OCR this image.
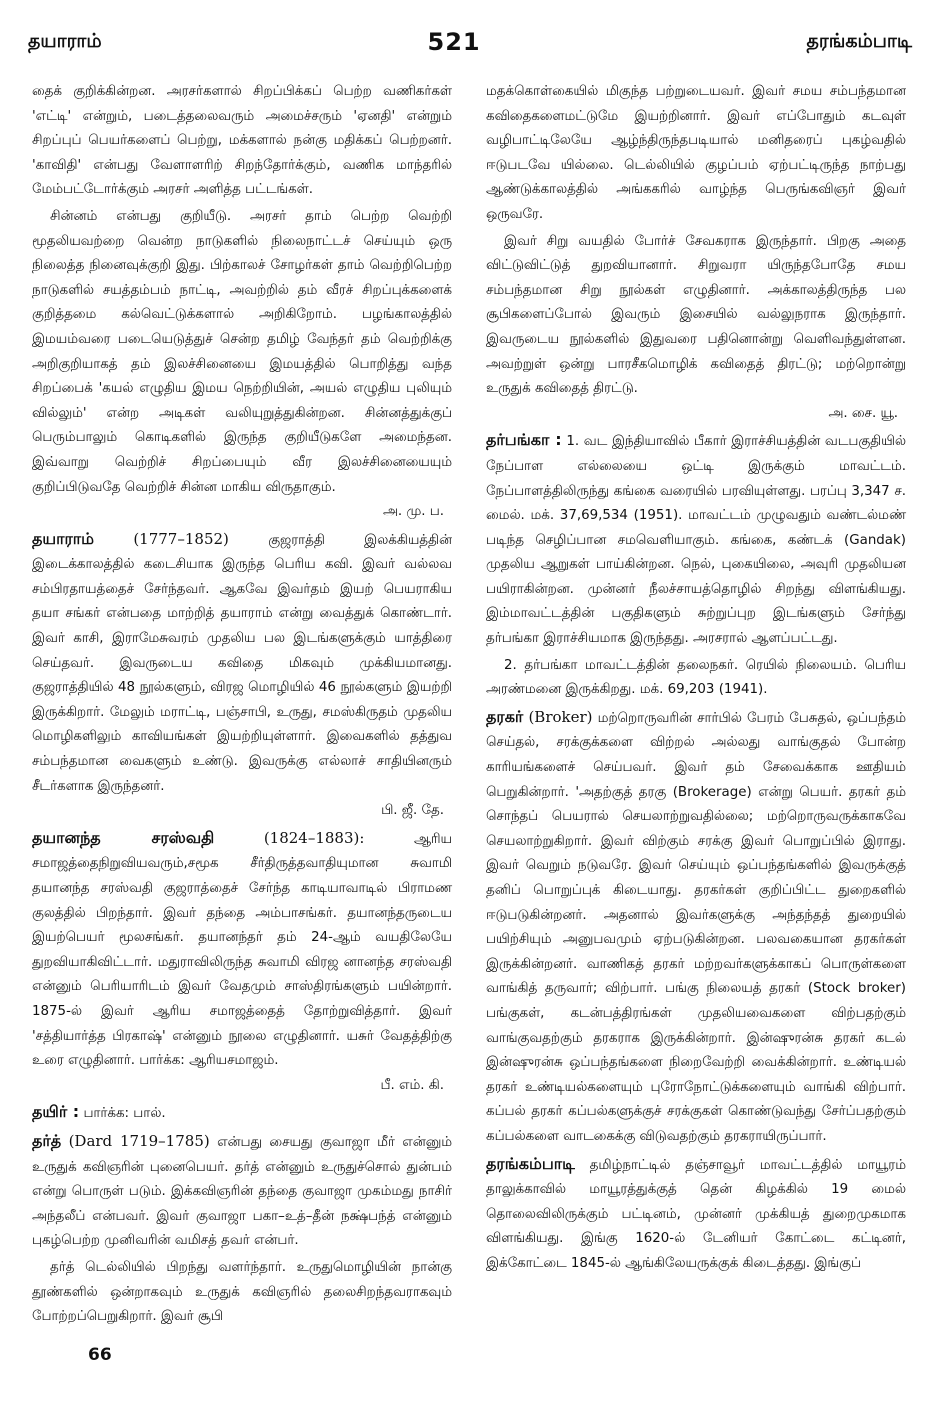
தயாராம்	521	தரங்கம்பாடி

தைக் குறிக்கின்றன. அரசர்களால் சிறப்பிக்கப் பெற்ற வணிகர்கள் 'எட்டி' என்றும், படைத்தலைவரும் அமைச்சரும் 'ஏனதி' என்றும் சிறப்புப் பெயர்களைப் பெற்று, மக்களால் நன்கு மதிக்கப் பெற்றனர். 'காவிதி' என்பது வேளாளரிற் சிறந்தோர்க்கும், வணிக மாந்தரில் மேம்பட்டோர்க்கும் அரசர் அளித்த பட்டங்கள்.

சின்னம் என்பது குறியீடு. அரசர் தாம் பெற்ற வெற்றி மூதலியவற்றை வென்ற நாடுகளில் நிலைநாட்டச் செய்யும் ஒரு நிலைத்த நினைவுக்குறி இது. பிற்காலச் சோழர்கள் தாம் வெற்றிபெற்ற நாடுகளில் சயத்தம்பம் நாட்டி, அவற்றில் தம் வீரச் சிறப்புக்களைக் குறித்தமை கல்வெட்டுக்களால் அறிகிறோம். பழங்காலத்தில் இமயம்வரை படையெடுத்துச் சென்ற தமிழ் வேந்தர் தம் வெற்றிக்கு அறிகுறியாகத் தம் இலச்சினையை இமயத்தில் பொறித்து வந்த சிறப்பைக் 'கயல் எழுதிய இமய நெற்றியின், அயல் எழுதிய புலியும் வில்லும்' என்ற அடிகள் வலியுறுத்துகின்றன. சின்னத்துக்குப் பெரும்பாலும் கொடிகளில் இருந்த குறியீடுகளே அமைந்தன. இவ்வாறு வெற்றிச் சிறப்பையும் வீர இலச்சினையையும் குறிப்பிடுவதே வெற்றிச் சின்ன மாகிய விருதாகும்.
அ. மு. ப.

தயாராம்	(1777–1852)	குஜராத்தி இலக்கியத்தின் இடைக்காலத்தில் கடைசியாக இருந்த பெரிய கவி. இவர் வல்லவ சம்பிரதாயத்தைச் சேர்ந்தவர். ஆகவே இவர்தம் இயற் பெயராகிய தயா சங்கர் என்பதை மாற்றித் தயாராம் என்று வைத்துக் கொண்டார். இவர் காசி, இராமேசுவரம் முதலிய பல இடங்களுக்கும் யாத்திரை செய்தவர். இவருடைய கவிதை மிகவும் முக்கியமானது. குஜராத்தியில் 48 நூல்களும், விரஜ மொழியில் 46 நூல்களும் இயற்றி இருக்கிறார். மேலும் மராட்டி, பஞ்சாபி, உருது, சமஸ்கிருதம் முதலிய மொழிகளிலும் காவியங்கள் இயற்றியுள்ளார். இவைகளில் தத்துவ சம்பந்தமான வைகளும் உண்டு. இவருக்கு எல்லாச் சாதியினரும் சீடர்களாக இருந்தனர்.
பி. ஜீ. தே.

தயானந்த சரஸ்வதி	(1824–1883):	ஆரிய சமாஜத்தைநிறுவியவரும்,சமூக சீர்திருத்தவாதியுமான சுவாமி தயானந்த சரஸ்வதி குஜராத்தைச் சேர்ந்த காடியாவாடில் பிராமண குலத்தில் பிறந்தார். இவர் தந்தை அம்பாசங்கர். தயானந்தருடைய இயற்பெயர் மூலசங்கர். தயானந்தர் தம் 24-ஆம் வயதிலேயே துறவியாகிவிட்டார். மதுராவிலிருந்த சுவாமி விரஜ னானந்த சரஸ்வதி என்னும் பெரியாரிடம் இவர் வேதமும் சாஸ்திரங்களும் பயின்றார். 1875-ல் இவர் ஆரிய சமாஜத்தைத் தோற்றுவித்தார். இவர் 'சத்தியார்த்த பிரகாஷ்' என்னும் நூலை எழுதினார். யசுர் வேதத்திற்கு உரை எழுதினார். பார்க்க: ஆரியசமாஜம்.
பீ. எம். கி.

தயிர் : பார்க்க: பால்.

தர்த் (Dard 1719–1785) என்பது சையது குவாஜா மீர் என்னும் உருதுக் கவிஞரின் புனைபெயர். தர்த் என்னும் உருதுச்சொல் துன்பம் என்று பொருள் படும். இக்கவிஞரின் தந்தை குவாஜா முகம்மது நாசிர் அந்தலீப் என்பவர். இவர் குவாஜா பகா–உத்–தீன் நக்ஷ்பந்த் என்னும் புகழ்பெற்ற முனிவரின் வமிசத் தவர் என்பர்.

தர்த் டெல்லியில் பிறந்து வளர்ந்தார். உருதுமொழியின் நான்கு தூண்களில் ஒன்றாகவும் உருதுக் கவிஞரில் தலைசிறந்தவராகவும் போற்றப்பெறுகிறார். இவர் சூபி

மதக்கொள்கையில் மிகுந்த பற்றுடையவர். இவர் சமய சம்பந்தமான கவிதைகளைமட்டுமே இயற்றினார். இவர் எப்போதும் கடவுள் வழிபாட்டிலேயே ஆழ்ந்திருந்தபடியால் மனிதரைப் புகழ்வதில் ஈடுபடவே யில்லை. டெல்லியில் குழப்பம் ஏற்பட்டிருந்த நாற்பது ஆண்டுக்காலத்தில் அங்ககரில் வாழ்ந்த பெருங்கவிஞர் இவர் ஒருவரே.

இவர் சிறு வயதில் போர்ச் சேவகராக இருந்தார். பிறகு அதை விட்டுவிட்டுத் துறவியானார். சிறுவரா யிருந்தபோதே சமய சம்பந்தமான சிறு நூல்கள் எழுதினார். அக்காலத்திருந்த பல சூபிகளைப்போல் இவரும் இசையில் வல்லுநராக இருந்தார். இவருடைய நூல்களில் இதுவரை பதினொன்று வெளிவந்துள்ளன. அவற்றுள் ஒன்று பாரசீகமொழிக் கவிதைத் திரட்டு; மற்றொன்று உருதுக் கவிதைத் திரட்டு.
அ. சை. யூ.

தர்பங்கா : 1. வட இந்தியாவில் பீகார் இராச்சியத்தின் வடபகுதியில் நேப்பாள எல்லையை ஒட்டி இருக்கும் மாவட்டம். நேப்பாளத்திலிருந்து கங்கை வரையில் பரவியுள்ளது. பரப்பு 3,347 ச. மைல். மக். 37,69,534 (1951). மாவட்டம் முழுவதும் வண்டல்மண் படிந்த செழிப்பான சமவெளியாகும். கங்கை, கண்டக் (Gandak) முதலிய ஆறுகள் பாய்கின்றன. நெல், புகையிலை, அவுரி முதலியன பயிராகின்றன. முன்னர் நீலச்சாயத்தொழில் சிறந்து விளங்கியது. இம்மாவட்டத்தின் பகுதிகளும் சுற்றுப்புற இடங்களும் சேர்ந்து தர்பங்கா இராச்சியமாக இருந்தது. அரசரால் ஆளப்பட்டது.

2. தர்பங்கா மாவட்டத்தின் தலைநகர். ரெயில் நிலையம். பெரிய அரண்மனை இருக்கிறது. மக். 69,203 (1941).

தரகர் (Broker) மற்றொருவரின் சார்பில் பேரம் பேசுதல், ஒப்பந்தம் செய்தல், சரக்குக்களை விற்றல் அல்லது வாங்குதல் போன்ற காரியங்களைச் செய்பவர். இவர் தம் சேவைக்காக ஊதியம் பெறுகின்றார். 'அதற்குத் தரகு (Brokerage) என்று பெயர். தரகர் தம் சொந்தப் பெயரால் செயலாற்றுவதில்லை; மற்றொருவருக்காகவே செயலாற்றுகிறார். இவர் விற்கும் சரக்கு இவர் பொறுப்பில் இராது. இவர் வெறும் நடுவரே. இவர் செய்யும் ஒப்பந்தங்களில் இவருக்குத் தனிப் பொறுப்புக் கிடையாது. தரகர்கள் குறிப்பிட்ட துறைகளில் ஈடுபடுகின்றனர். அதனால் இவர்களுக்கு அந்தந்தத் துறையில் பயிற்சியும் அனுபவமும் ஏற்படுகின்றன. பலவகையான தரகர்கள் இருக்கின்றனர். வாணிகத் தரகர் மற்றவர்களுக்காகப் பொருள்களை வாங்கித் தருவார்; விற்பார். பங்கு நிலையத் தரகர் (Stock broker) பங்குகள், கடன்பத்திரங்கள் முதலியவைகளை விற்பதற்கும் வாங்குவதற்கும் தரகராக இருக்கின்றார். இன்ஷுரன்சு தரகர் கடல் இன்ஷுரன்சு ஒப்பந்தங்களை நிறைவேற்றி வைக்கின்றார். உண்டியல் தரகர் உண்டியல்களையும் புரோநோட்டுக்களையும் வாங்கி விற்பார். கப்பல் தரகர் கப்பல்களுக்குச் சரக்குகள் கொண்டுவந்து சேர்ப்பதற்கும் கப்பல்களை வாடகைக்கு விடுவதற்கும் தரகராயிருப்பார்.

தரங்கம்பாடி தமிழ்நாட்டில் தஞ்சாவூர் மாவட்டத்தில் மாயூரம் தாலுக்காவில் மாயூரத்துக்குத் தென் கிழக்கில் 19 மைல் தொலைவிலிருக்கும் பட்டினம், முன்னர் முக்கியத் துறைமுகமாக விளங்கியது. இங்கு 1620-ல் டேனியர் கோட்டை கட்டினர், இக்கோட்டை 1845-ல் ஆங்கிலேயருக்குக் கிடைத்தது. இங்குப்

66
